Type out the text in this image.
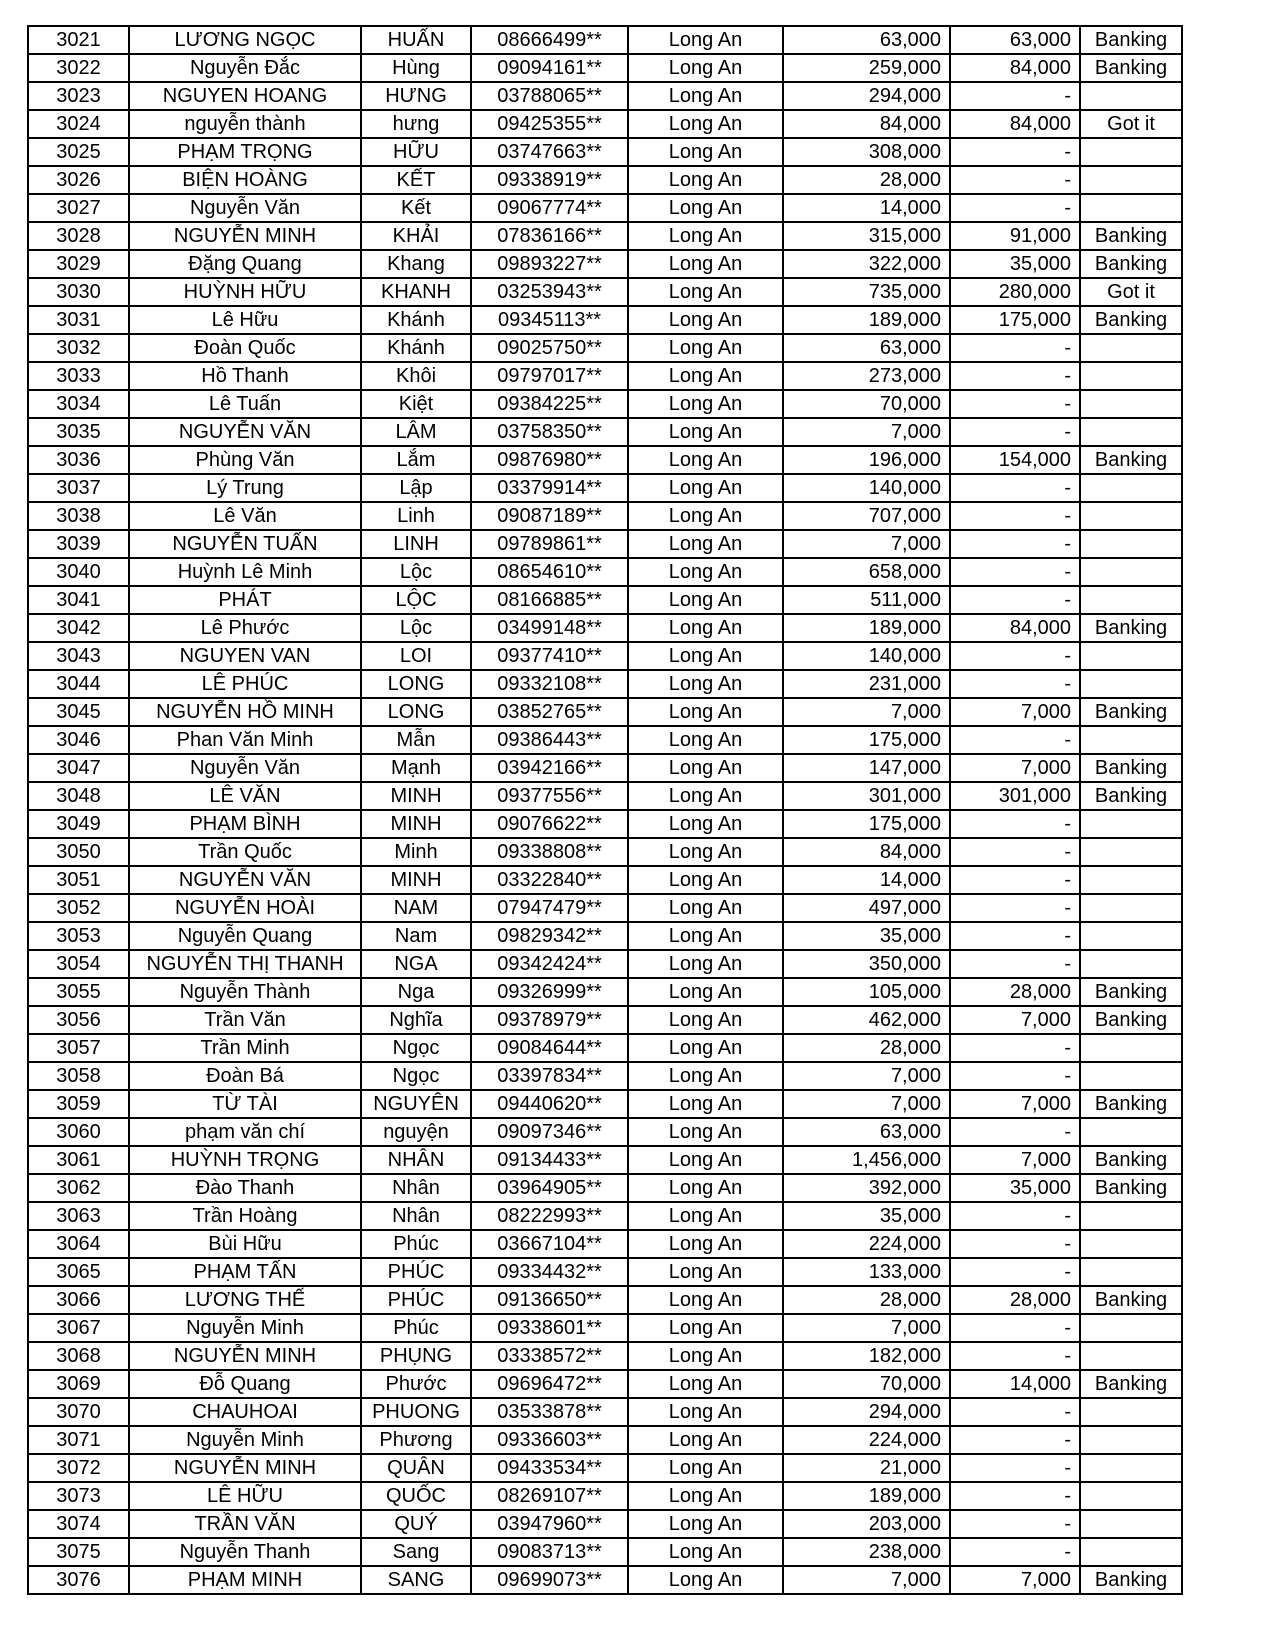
3021	LƯƠNG NGỌC	HUẤN	08666499**	Long An	63,000	63,000	Banking
3022	Nguyễn Đắc	Hùng	09094161**	Long An	259,000	84,000	Banking
3023	NGUYEN HOANG	HƯNG	03788065**	Long An	294,000	-	
3024	nguyễn thành	hưng	09425355**	Long An	84,000	84,000	Got it
3025	PHẠM TRỌNG	HỮU	03747663**	Long An	308,000	-	
3026	BIỆN HOÀNG	KẾT	09338919**	Long An	28,000	-	
3027	Nguyễn Văn	Kết	09067774**	Long An	14,000	-	
3028	NGUYỄN MINH	KHẢI	07836166**	Long An	315,000	91,000	Banking
3029	Đặng Quang	Khang	09893227**	Long An	322,000	35,000	Banking
3030	HUỲNH HỮU	KHANH	03253943**	Long An	735,000	280,000	Got it
3031	Lê Hữu	Khánh	09345113**	Long An	189,000	175,000	Banking
3032	Đoàn Quốc	Khánh	09025750**	Long An	63,000	-	
3033	Hồ Thanh	Khôi	09797017**	Long An	273,000	-	
3034	Lê Tuấn	Kiệt	09384225**	Long An	70,000	-	
3035	NGUYỄN VĂN	LÂM	03758350**	Long An	7,000	-	
3036	Phùng Văn	Lắm	09876980**	Long An	196,000	154,000	Banking
3037	Lý Trung	Lập	03379914**	Long An	140,000	-	
3038	Lê Văn	Linh	09087189**	Long An	707,000	-	
3039	NGUYỄN TUẤN	LINH	09789861**	Long An	7,000	-	
3040	Huỳnh Lê Minh	Lộc	08654610**	Long An	658,000	-	
3041	PHÁT	LỘC	08166885**	Long An	511,000	-	
3042	Lê Phước	Lộc	03499148**	Long An	189,000	84,000	Banking
3043	NGUYEN VAN	LOI	09377410**	Long An	140,000	-	
3044	LÊ PHÚC	LONG	09332108**	Long An	231,000	-	
3045	NGUYỄN HỒ MINH	LONG	03852765**	Long An	7,000	7,000	Banking
3046	Phan Văn Minh	Mẫn	09386443**	Long An	175,000	-	
3047	Nguyễn Văn	Mạnh	03942166**	Long An	147,000	7,000	Banking
3048	LÊ VĂN	MINH	09377556**	Long An	301,000	301,000	Banking
3049	PHẠM BÌNH	MINH	09076622**	Long An	175,000	-	
3050	Trần Quốc	Minh	09338808**	Long An	84,000	-	
3051	NGUYỄN VĂN	MINH	03322840**	Long An	14,000	-	
3052	NGUYỄN HOÀI	NAM	07947479**	Long An	497,000	-	
3053	Nguyễn Quang	Nam	09829342**	Long An	35,000	-	
3054	NGUYỄN THỊ THANH	NGA	09342424**	Long An	350,000	-	
3055	Nguyễn Thành	Nga	09326999**	Long An	105,000	28,000	Banking
3056	Trần Văn	Nghĩa	09378979**	Long An	462,000	7,000	Banking
3057	Trần Minh	Ngọc	09084644**	Long An	28,000	-	
3058	Đoàn Bá	Ngọc	03397834**	Long An	7,000	-	
3059	TỪ TÀI	NGUYÊN	09440620**	Long An	7,000	7,000	Banking
3060	phạm văn chí	nguyện	09097346**	Long An	63,000	-	
3061	HUỲNH TRỌNG	NHÂN	09134433**	Long An	1,456,000	7,000	Banking
3062	Đào Thanh	Nhân	03964905**	Long An	392,000	35,000	Banking
3063	Trần Hoàng	Nhân	08222993**	Long An	35,000	-	
3064	Bùi Hữu	Phúc	03667104**	Long An	224,000	-	
3065	PHẠM TẤN	PHÚC	09334432**	Long An	133,000	-	
3066	LƯƠNG THẾ	PHÚC	09136650**	Long An	28,000	28,000	Banking
3067	Nguyễn Minh	Phúc	09338601**	Long An	7,000	-	
3068	NGUYỄN MINH	PHỤNG	03338572**	Long An	182,000	-	
3069	Đỗ Quang	Phước	09696472**	Long An	70,000	14,000	Banking
3070	CHAUHOAI	PHUONG	03533878**	Long An	294,000	-	
3071	Nguyễn Minh	Phương	09336603**	Long An	224,000	-	
3072	NGUYỄN MINH	QUÂN	09433534**	Long An	21,000	-	
3073	LÊ HỮU	QUỐC	08269107**	Long An	189,000	-	
3074	TRẦN VĂN	QUÝ	03947960**	Long An	203,000	-	
3075	Nguyễn Thanh	Sang	09083713**	Long An	238,000	-	
3076	PHẠM MINH	SANG	09699073**	Long An	7,000	7,000	Banking
